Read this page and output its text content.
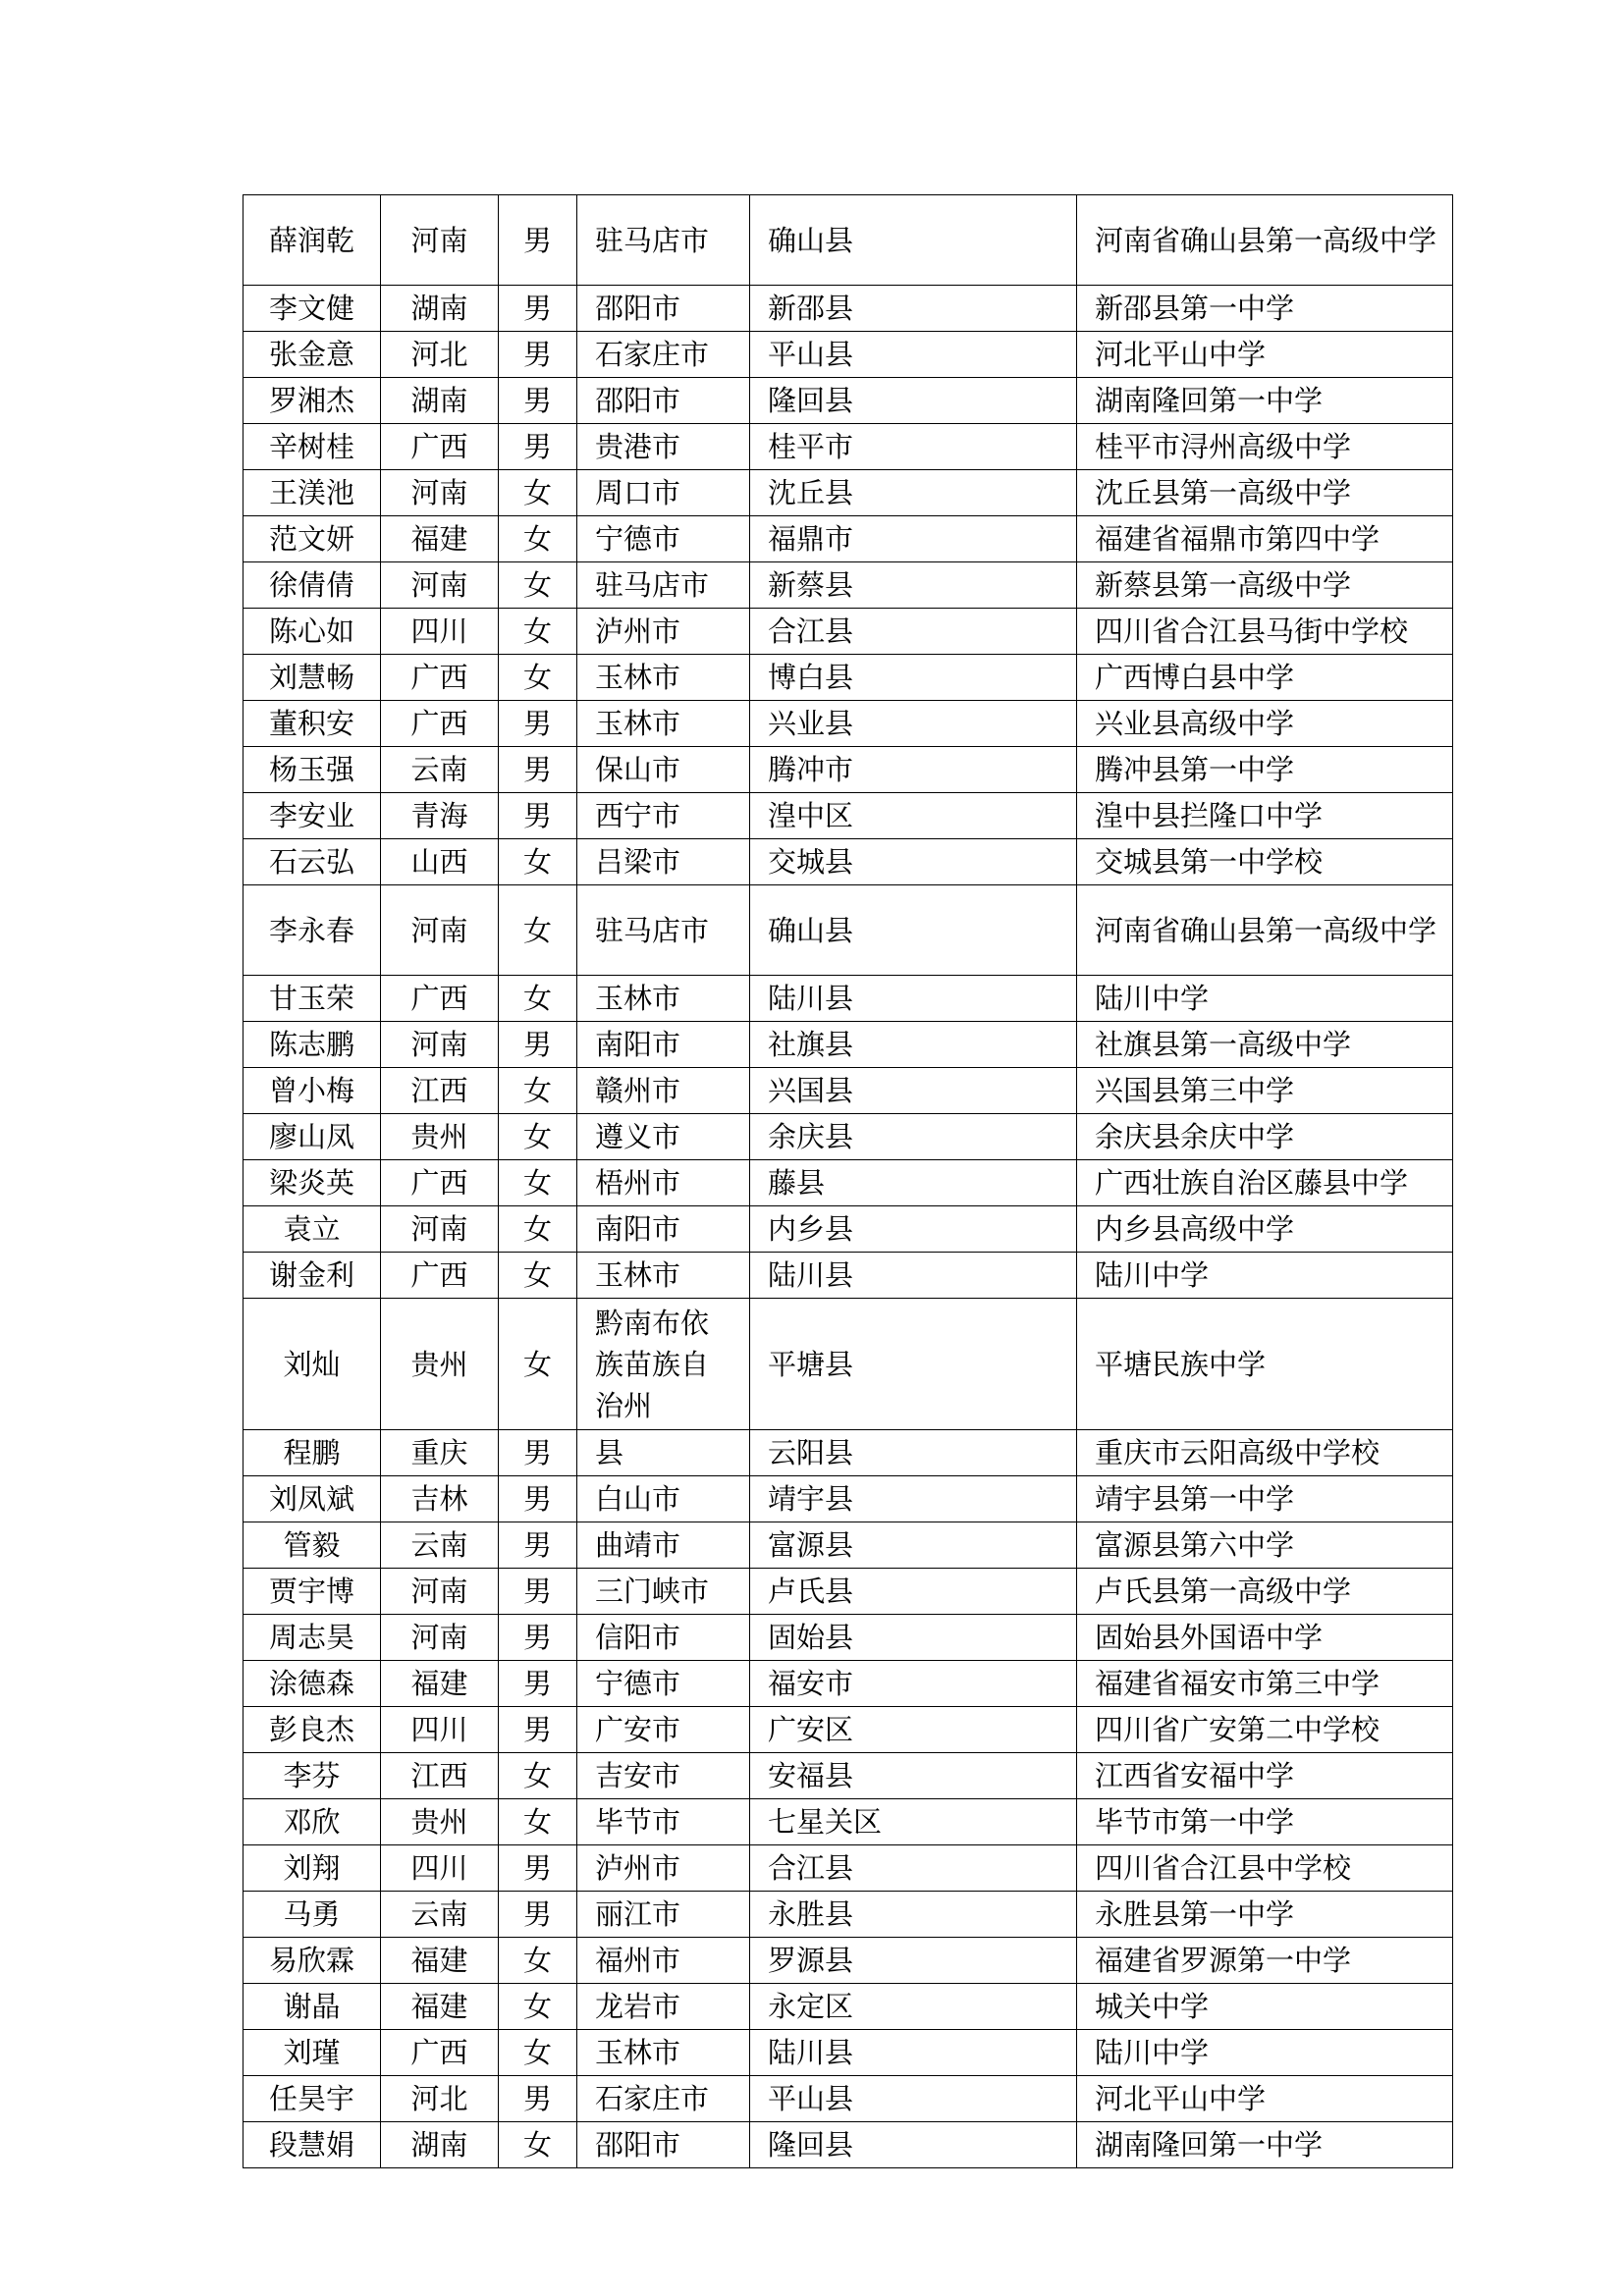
薛润乾	河南	男	驻马店市	确山县	河南省确山县第一高级中学
李文健	湖南	男	邵阳市	新邵县	新邵县第一中学
张金意	河北	男	石家庄市	平山县	河北平山中学
罗湘杰	湖南	男	邵阳市	隆回县	湖南隆回第一中学
辛树桂	广西	男	贵港市	桂平市	桂平市浔州高级中学
王渼池	河南	女	周口市	沈丘县	沈丘县第一高级中学
范文妍	福建	女	宁德市	福鼎市	福建省福鼎市第四中学
徐倩倩	河南	女	驻马店市	新蔡县	新蔡县第一高级中学
陈心如	四川	女	泸州市	合江县	四川省合江县马街中学校
刘慧畅	广西	女	玉林市	博白县	广西博白县中学
董积安	广西	男	玉林市	兴业县	兴业县高级中学
杨玉强	云南	男	保山市	腾冲市	腾冲县第一中学
李安业	青海	男	西宁市	湟中区	湟中县拦隆口中学
石云弘	山西	女	吕梁市	交城县	交城县第一中学校
李永春	河南	女	驻马店市	确山县	河南省确山县第一高级中学
甘玉荣	广西	女	玉林市	陆川县	陆川中学
陈志鹏	河南	男	南阳市	社旗县	社旗县第一高级中学
曾小梅	江西	女	赣州市	兴国县	兴国县第三中学
廖山凤	贵州	女	遵义市	余庆县	余庆县余庆中学
梁炎英	广西	女	梧州市	藤县	广西壮族自治区藤县中学
袁立	河南	女	南阳市	内乡县	内乡县高级中学
谢金利	广西	女	玉林市	陆川县	陆川中学
刘灿	贵州	女	黔南布依族苗族自治州	平塘县	平塘民族中学
程鹏	重庆	男	县	云阳县	重庆市云阳高级中学校
刘凤斌	吉林	男	白山市	靖宇县	靖宇县第一中学
管毅	云南	男	曲靖市	富源县	富源县第六中学
贾宇博	河南	男	三门峡市	卢氏县	卢氏县第一高级中学
周志昊	河南	男	信阳市	固始县	固始县外国语中学
涂德森	福建	男	宁德市	福安市	福建省福安市第三中学
彭良杰	四川	男	广安市	广安区	四川省广安第二中学校
李芬	江西	女	吉安市	安福县	江西省安福中学
邓欣	贵州	女	毕节市	七星关区	毕节市第一中学
刘翔	四川	男	泸州市	合江县	四川省合江县中学校
马勇	云南	男	丽江市	永胜县	永胜县第一中学
易欣霖	福建	女	福州市	罗源县	福建省罗源第一中学
谢晶	福建	女	龙岩市	永定区	城关中学
刘瑾	广西	女	玉林市	陆川县	陆川中学
任昊宇	河北	男	石家庄市	平山县	河北平山中学
段慧娟	湖南	女	邵阳市	隆回县	湖南隆回第一中学
